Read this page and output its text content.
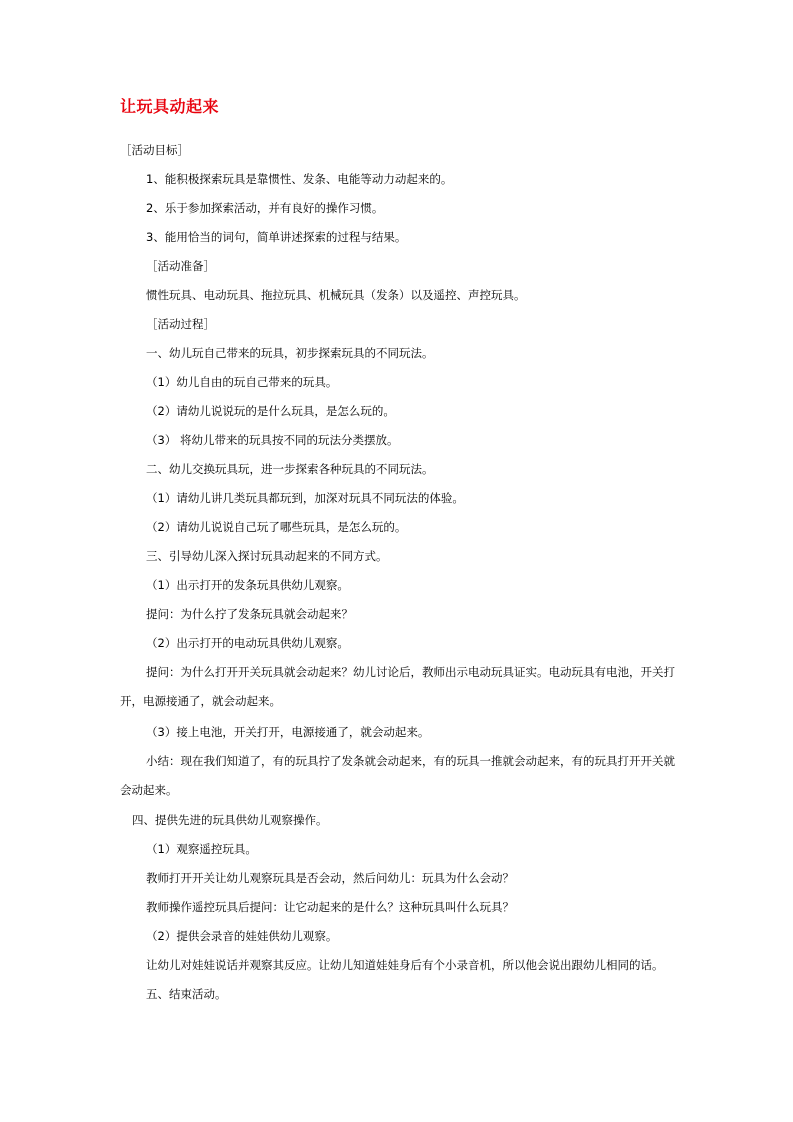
让玩具动起来
［活动目标］
1、能积极探索玩具是靠惯性、发条、电能等动力动起来的。
2、乐于参加探索活动，并有良好的操作习惯。
3、能用恰当的词句，简单讲述探索的过程与结果。
［活动准备］
惯性玩具、电动玩具、拖拉玩具、机械玩具（发条）以及遥控、声控玩具。
［活动过程］
一、幼儿玩自己带来的玩具，初步探索玩具的不同玩法。
（1）幼儿自由的玩自己带来的玩具。
（2）请幼儿说说玩的是什么玩具，是怎么玩的。
（3） 将幼儿带来的玩具按不同的玩法分类摆放。
二、幼儿交换玩具玩，进一步探索各种玩具的不同玩法。
（1）请幼儿讲几类玩具都玩到，加深对玩具不同玩法的体验。
（2）请幼儿说说自己玩了哪些玩具，是怎么玩的。
三、引导幼儿深入探讨玩具动起来的不同方式。
（1）出示打开的发条玩具供幼儿观察。
提问：为什么拧了发条玩具就会动起来？
（2）出示打开的电动玩具供幼儿观察。
提问：为什么打开开关玩具就会动起来？幼儿讨论后，教师出示电动玩具证实。电动玩具有电池，开关打开，电源接通了，就会动起来。
（3）接上电池，开关打开，电源接通了，就会动起来。
小结：现在我们知道了，有的玩具拧了发条就会动起来，有的玩具一推就会动起来，有的玩具打开开关就会动起来。
四、提供先进的玩具供幼儿观察操作。
（1）观察遥控玩具。
教师打开开关让幼儿观察玩具是否会动，然后问幼儿：玩具为什么会动？
教师操作遥控玩具后提问：让它动起来的是什么？这种玩具叫什么玩具？
（2）提供会录音的娃娃供幼儿观察。
让幼儿对娃娃说话并观察其反应。让幼儿知道娃娃身后有个小录音机，所以他会说出跟幼儿相同的话。
五、结束活动。
